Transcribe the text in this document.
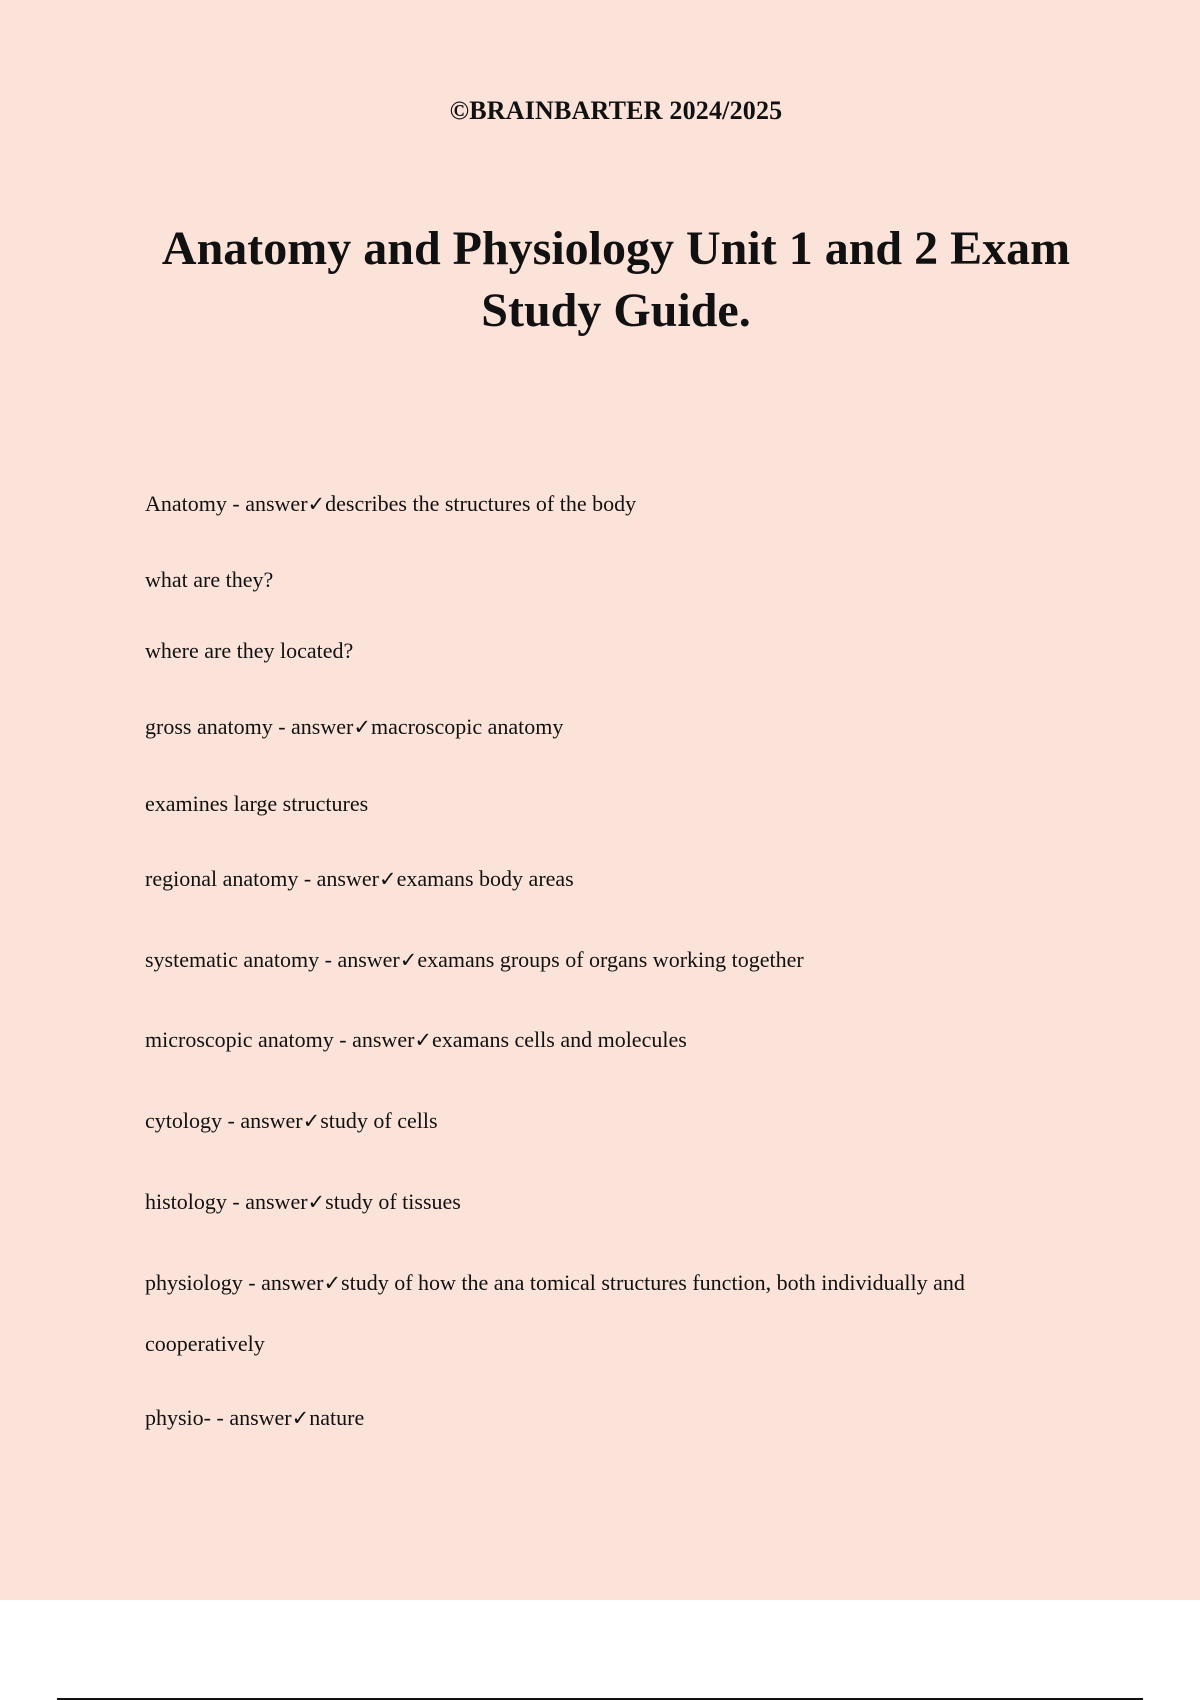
©BRAINBARTER 2024/2025
Anatomy and Physiology Unit 1 and 2 Exam
Study Guide.
Anatomy - answer✓describes the structures of the body
what are they?
where are they located?
gross anatomy - answer✓macroscopic anatomy
examines large structures
regional anatomy - answer✓examans body areas
systematic anatomy - answer✓examans groups of organs working together
microscopic anatomy - answer✓examans cells and molecules
cytology - answer✓study of cells
histology - answer✓study of tissues
physiology - answer✓study of how the ana tomical structures function, both individually and
cooperatively
physio- - answer✓nature
